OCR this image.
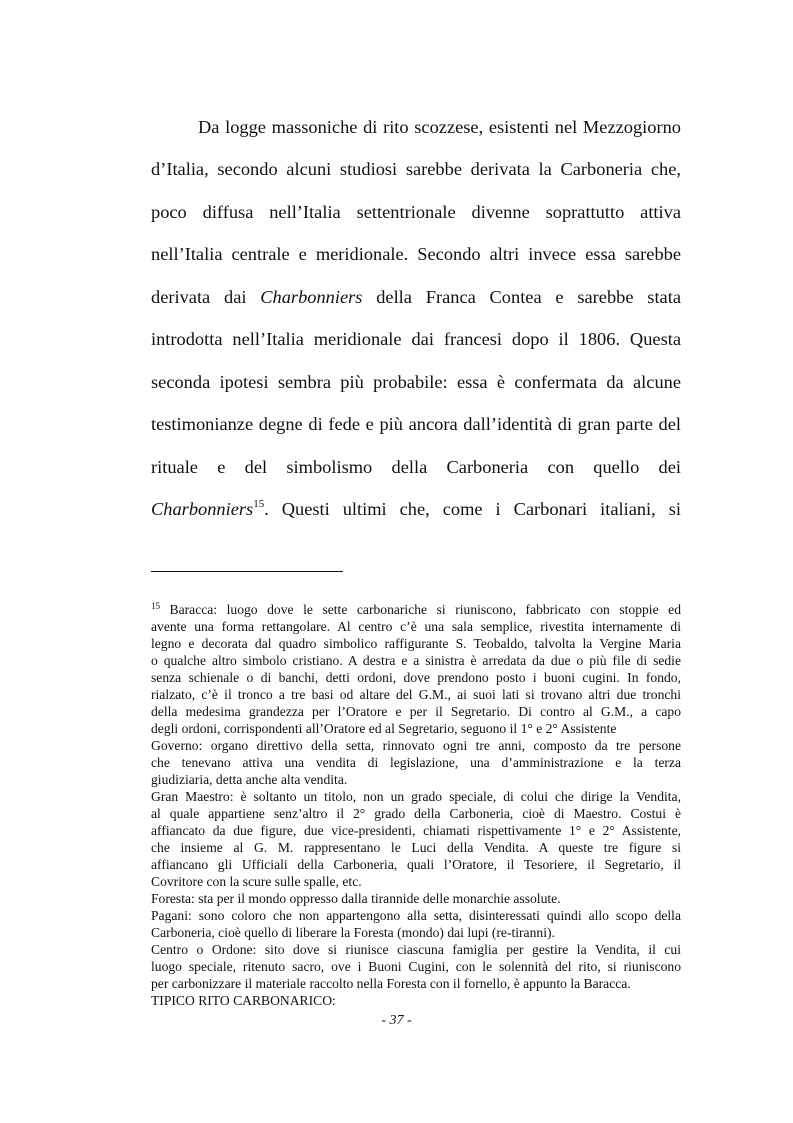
Da logge massoniche di rito scozzese, esistenti nel Mezzogiorno
d’Italia, secondo alcuni studiosi sarebbe derivata la Carboneria che,
poco diffusa nell’Italia settentrionale divenne soprattutto attiva
nell’Italia centrale e meridionale. Secondo altri invece essa sarebbe
derivata dai Charbonniers della Franca Contea e sarebbe stata
introdotta nell’Italia meridionale dai francesi dopo il 1806. Questa
seconda ipotesi sembra più probabile: essa è confermata da alcune
testimonianze degne di fede e più ancora dall’identità di gran parte del
rituale e del simbolismo della Carboneria con quello dei
Charbonniers$^{15}$. Questi ultimi che, come i Carbonari italiani, si
$^{15}$ Baracca: luogo dove le sette carbonariche si riuniscono, fabbricato con stoppie ed
avente una forma rettangolare. Al centro c’è una sala semplice, rivestita internamente di
legno e decorata dal quadro simbolico raffigurante S. Teobaldo, talvolta la Vergine Maria
o qualche altro simbolo cristiano. A destra e a sinistra è arredata da due o più file di sedie
senza schienale o di banchi, detti ordoni, dove prendono posto i buoni cugini. In fondo,
rialzato, c’è il tronco a tre basi od altare del G.M., ai suoi lati si trovano altri due tronchi
della medesima grandezza per l’Oratore e per il Segretario. Di contro al G.M., a capo
degli ordoni, corrispondenti all’Oratore ed al Segretario, seguono il 1° e 2° Assistente
Governo: organo direttivo della setta, rinnovato ogni tre anni, composto da tre persone
che tenevano attiva una vendita di legislazione, una d’amministrazione e la terza
giudiziaria, detta anche alta vendita.
Gran Maestro: è soltanto un titolo, non un grado speciale, di colui che dirige la Vendita,
al quale appartiene senz’altro il 2° grado della Carboneria, cioè di Maestro. Costui è
affiancato da due figure, due vice-presidenti, chiamati rispettivamente 1° e 2° Assistente,
che insieme al G. M. rappresentano le Luci della Vendita. A queste tre figure si
affiancano gli Ufficiali della Carboneria, quali l’Oratore, il Tesoriere, il Segretario, il
Covritore con la scure sulle spalle, etc.
Foresta: sta per il mondo oppresso dalla tirannide delle monarchie assolute.
Pagani: sono coloro che non appartengono alla setta, disinteressati quindi allo scopo della
Carboneria, cioè quello di liberare la Foresta (mondo) dai lupi (re-tiranni).
Centro o Ordone: sito dove si riunisce ciascuna famiglia per gestire la Vendita, il cui
luogo speciale, ritenuto sacro, ove i Buoni Cugini, con le solennità del rito, si riuniscono
per carbonizzare il materiale raccolto nella Foresta con il fornello, è appunto la Baracca.
TIPICO RITO CARBONARICO:
- 37 -
